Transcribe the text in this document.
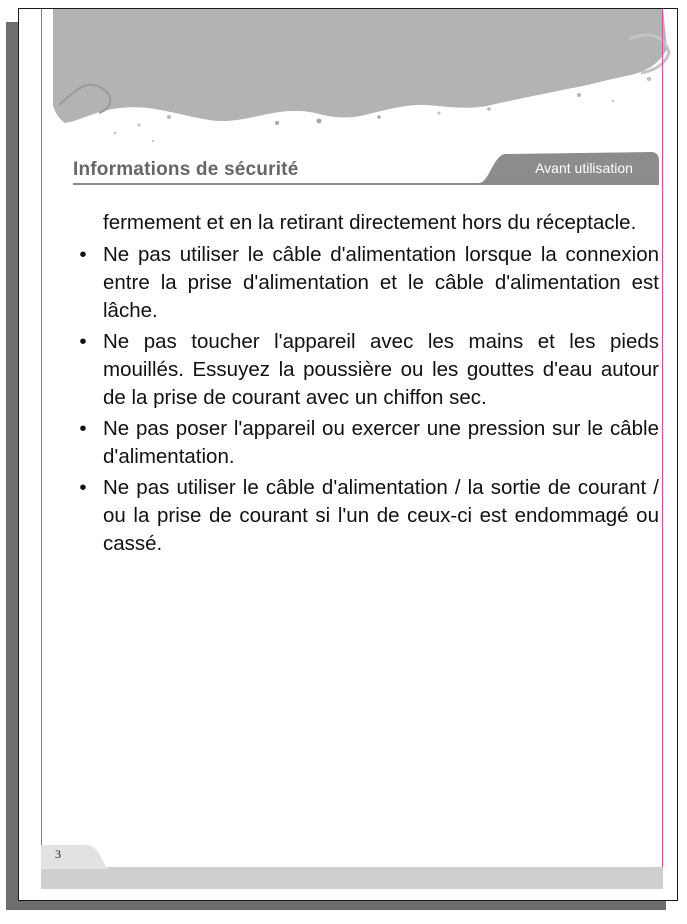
Informations de sécurité	Avant utilisation

fermement et en la retirant directement hors du réceptacle.

• Ne pas utiliser le câble d'alimentation lorsque la connexion entre la prise d'alimentation et le câble d'alimentation est lâche.
• Ne pas toucher l'appareil avec les mains et les pieds mouillés. Essuyez la poussière ou les gouttes d'eau autour de la prise de courant avec un chiffon sec.
• Ne pas poser l'appareil ou exercer une pression sur le câble d'alimentation.
• Ne pas utiliser le câble d'alimentation / la sortie de courant / ou la prise de courant si l'un de ceux-ci est endommagé ou cassé.
3
